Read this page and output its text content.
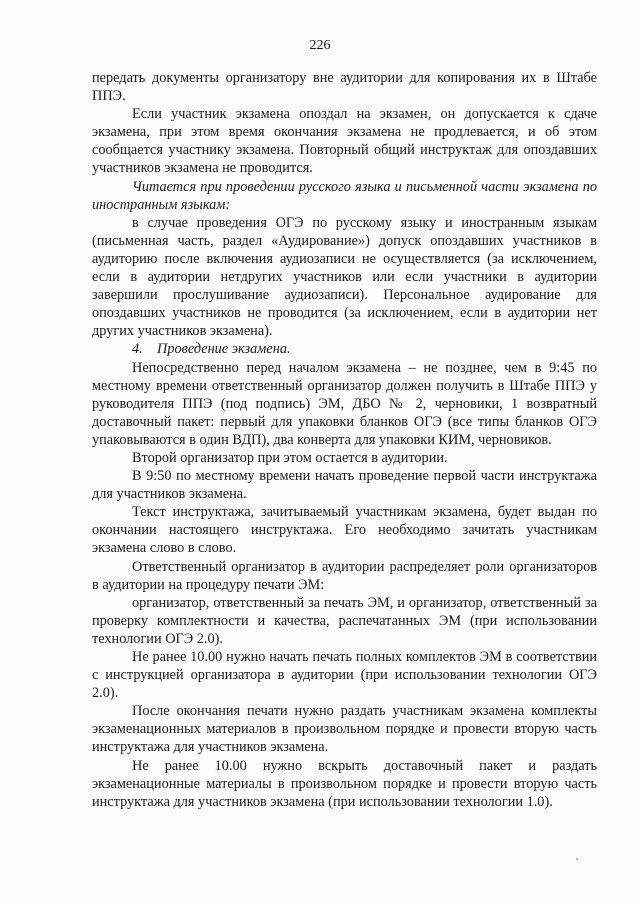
226

передать документы организатору вне аудитории для копирования их в Штабе ППЭ.

Если участник экзамена опоздал на экзамен, он допускается к сдаче экзамена, при этом время окончания экзамена не продлевается, и об этом сообщается участнику экзамена. Повторный общий инструктаж для опоздавших участников экзамена не проводится.

Читается при проведении русского языка и письменной части экзамена по иностранным языкам:

в случае проведения ОГЭ по русскому языку и иностранным языкам (письменная часть, раздел «Аудирование») допуск опоздавших участников в аудиторию после включения аудиозаписи не осуществляется (за исключением, если в аудитории нетдругих участников или если участники в аудитории завершили прослушивание аудиозаписи). Персональное аудирование для опоздавших участников не проводится (за исключением, если в аудитории нет других участников экзамена).

4.    Проведение экзамена.

Непосредственно перед началом экзамена – не позднее, чем в 9:45 по местному времени ответственный организатор должен получить в Штабе ППЭ у руководителя ППЭ (под подпись) ЭМ, ДБО № 2, черновики, 1 возвратный доставочный пакет: первый для упаковки бланков ОГЭ (все типы бланков ОГЭ упаковываются в один ВДП), два конверта для упаковки КИМ, черновиков.

Второй организатор при этом остается в аудитории.

В 9:50 по местному времени начать проведение первой части инструктажа для участников экзамена.

Текст инструктажа, зачитываемый участникам экзамена, будет выдан по окончании настоящего инструктажа. Его необходимо зачитать участникам экзамена слово в слово.

Ответственный организатор в аудитории распределяет роли организаторов в аудитории на процедуру печати ЭМ:

организатор, ответственный за печать ЭМ, и организатор, ответственный за проверку комплектности и качества, распечатанных ЭМ (при использовании технологии ОГЭ 2.0).

Не ранее 10.00 нужно начать печать полных комплектов ЭМ в соответствии с инструкцией организатора в аудитории (при использовании технологии ОГЭ 2.0).

После окончания печати нужно раздать участникам экзамена комплекты экзаменационных материалов в произвольном порядке и провести вторую часть инструктажа для участников экзамена.

Не ранее 10.00 нужно вскрыть доставочный пакет и раздать экзаменационные материалы в произвольном порядке и провести вторую часть инструктажа для участников экзамена (при использовании технологии 1.0).
